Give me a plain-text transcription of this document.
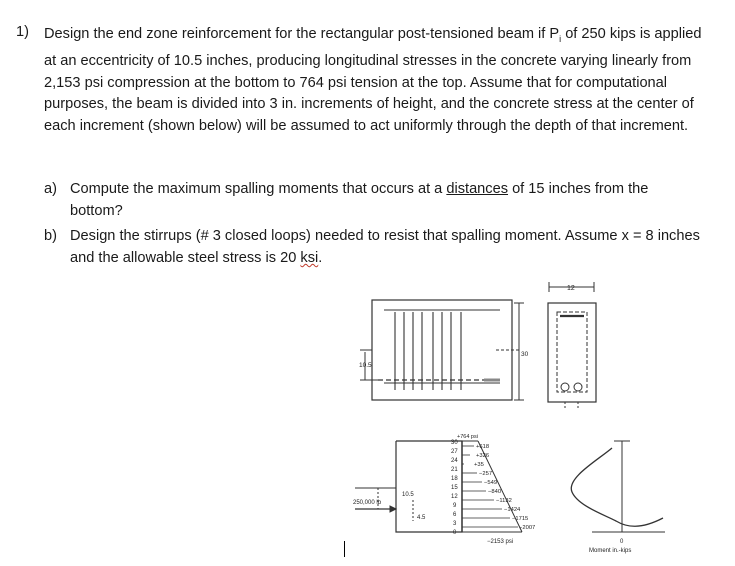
1) Design the end zone reinforcement for the rectangular post-tensioned beam if $P_i$ of 250 kips is applied at an eccentricity of 10.5 inches, producing longitudinal stresses in the concrete varying linearly from 2,153 psi compression at the bottom to 764 psi tension at the top. Assume that for computational purposes, the beam is divided into 3 in. increments of height, and the concrete stress at the center of each increment (shown below) will be assumed to act uniformly through the depth of that increment.

a) Compute the maximum spalling moments that occurs at a distances of 15 inches from the bottom?
b) Design the stirrups (# 3 closed loops) needed to resist that spalling moment. Assume x = 8 inches and the allowable steel stress is 20 ksi.
10.5
30
12
+764 psi
30
27
24
21
18
15
12
9
6
3
0
+618
+326
+35
−257
−549
−840
−1132
−1424
−1715
−2007
−2153 psi
250,000 lb
10.5
4.5
0
Moment in.-kips
